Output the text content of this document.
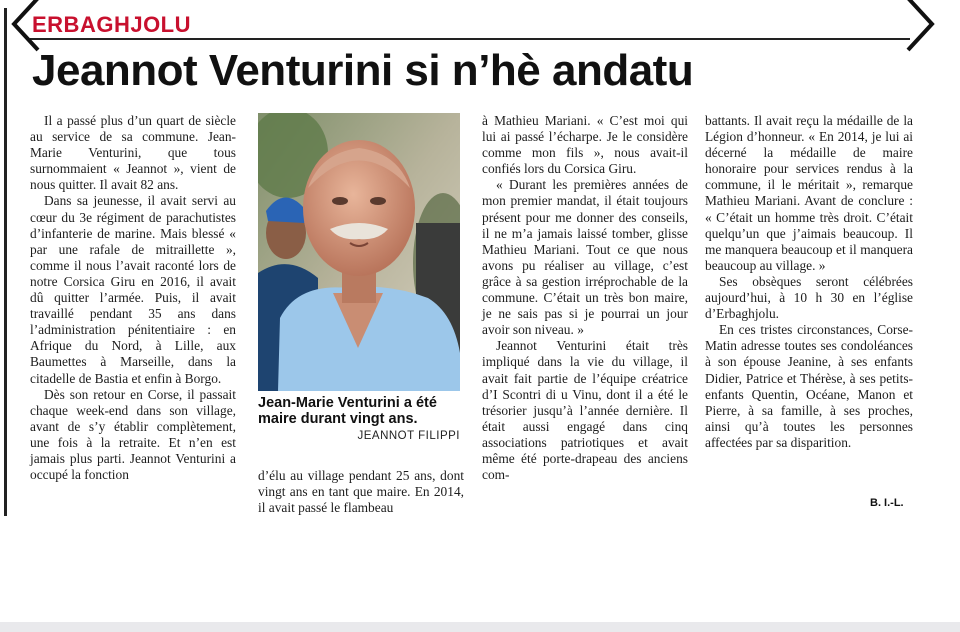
ERBAGHJOLU
Jeannot Venturini si n’hè andatu

Il a passé plus d’un quart de siècle au service de sa commune. Jean-Marie Venturini, que tous surnommaient « Jeannot », vient de nous quitter. Il avait 82 ans.

Dans sa jeunesse, il avait servi au cœur du 3e régiment de parachutistes d’infanterie de marine. Mais blessé « par une rafale de mitraillette », comme il nous l’avait raconté lors de notre Corsica Giru en 2016, il avait dû quitter l’armée. Puis, il avait travaillé pendant 35 ans dans l’administration pénitentiaire : en Afrique du Nord, à Lille, aux Baumettes à Marseille, dans la citadelle de Bastia et enfin à Borgo.

Dès son retour en Corse, il passait chaque week-end dans son village, avant de s’y établir complètement, une fois à la retraite. Et n’en est jamais plus parti. Jeannot Venturini a occupé la fonction

Jean-Marie Venturini a été maire durant vingt ans.
JEANNOT FILIPPI

d’élu au village pendant 25 ans, dont vingt ans en tant que maire. En 2014, il avait passé le flambeau

à Mathieu Mariani. « C’est moi qui lui ai passé l’écharpe. Je le considère comme mon fils », nous avait-il confiés lors du Corsica Giru.

« Durant les premières années de mon premier mandat, il était toujours présent pour me donner des conseils, il ne m’a jamais laissé tomber, glisse Mathieu Mariani. Tout ce que nous avons pu réaliser au village, c’est grâce à sa gestion irréprochable de la commune. C’était un très bon maire, je ne sais pas si je pourrai un jour avoir son niveau. »

Jeannot Venturini était très impliqué dans la vie du village, il avait fait partie de l’équipe créatrice d’I Scontri di u Vinu, dont il a été le trésorier jusqu’à l’année dernière. Il était aussi engagé dans cinq associations patriotiques et avait même été porte-drapeau des anciens com-

battants. Il avait reçu la médaille de la Légion d’honneur. « En 2014, je lui ai décerné la médaille de maire honoraire pour services rendus à la commune, il le méritait », remarque Mathieu Mariani. Avant de conclure : « C’était un homme très droit. C’était quelqu’un que j’aimais beaucoup. Il me manquera beaucoup et il manquera beaucoup au village. »

Ses obsèques seront célébrées aujourd’hui, à 10 h 30 en l’église d’Erbaghjolu.

En ces tristes circonstances, Corse-Matin adresse toutes ses condoléances à son épouse Jeanine, à ses enfants Didier, Patrice et Thérèse, à ses petits-enfants Quentin, Océane, Manon et Pierre, à sa famille, à ses proches, ainsi qu’à toutes les personnes affectées par sa disparition.

B. I.-L.
